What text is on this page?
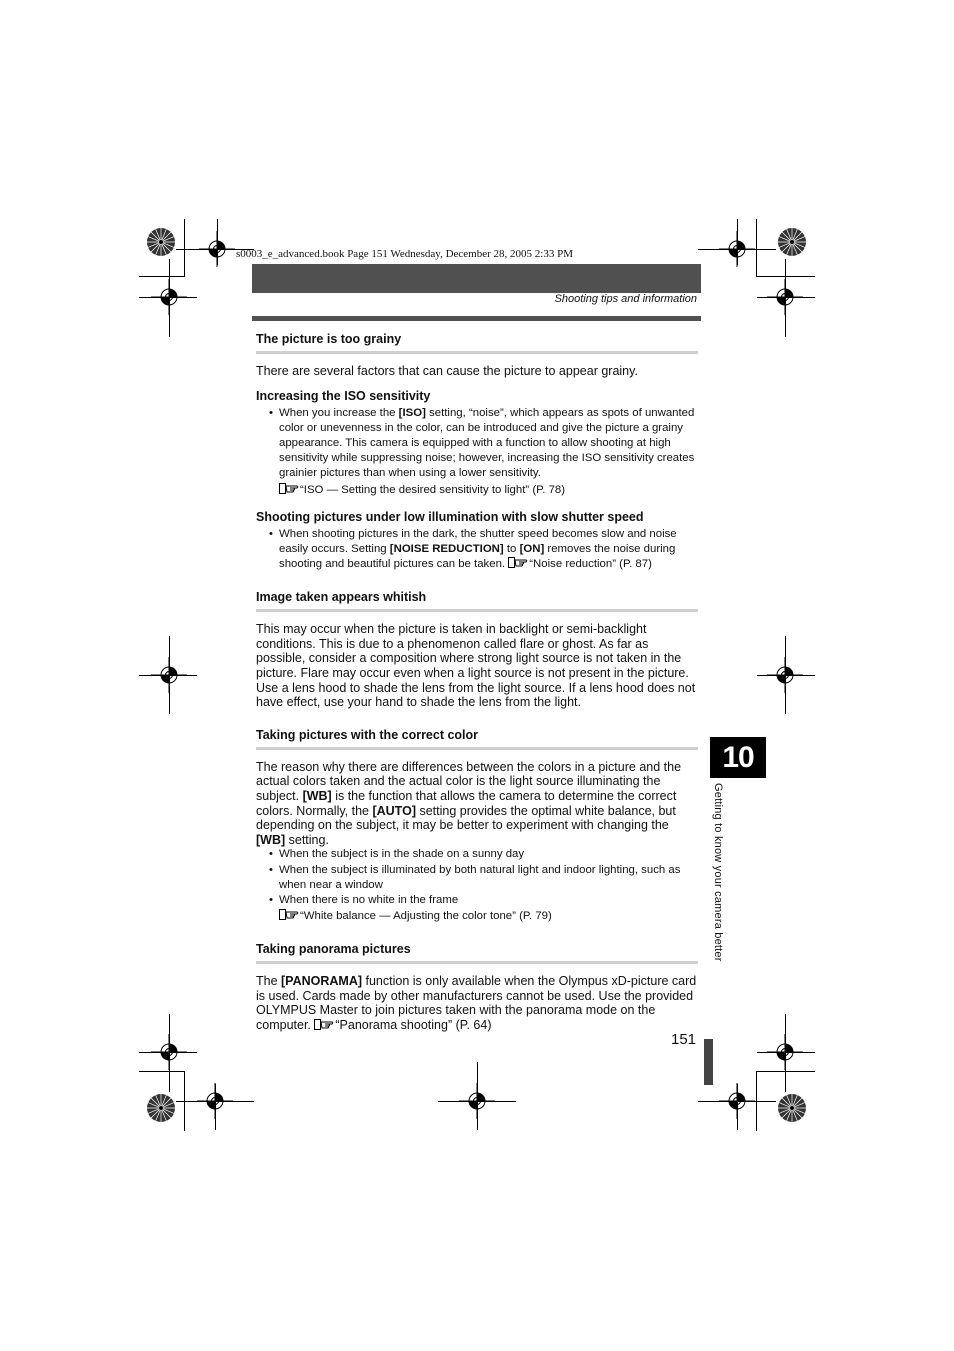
s0003_e_advanced.book Page 151 Wednesday, December 28, 2005 2:33 PM
Shooting tips and information
The picture is too grainy

There are several factors that can cause the picture to appear grainy.

Increasing the ISO sensitivity
• When you increase the [ISO] setting, “noise”, which appears as spots of unwanted color or unevenness in the color, can be introduced and give the picture a grainy appearance. This camera is equipped with a function to allow shooting at high sensitivity while suppressing noise; however, increasing the ISO sensitivity creates grainier pictures than when using a lower sensitivity.
“ISO — Setting the desired sensitivity to light” (P. 78)
Shooting pictures under low illumination with slow shutter speed
• When shooting pictures in the dark, the shutter speed becomes slow and noise easily occurs. Setting [NOISE REDUCTION] to [ON] removes the noise during shooting and beautiful pictures can be taken. “Noise reduction” (P. 87)
Image taken appears whitish

This may occur when the picture is taken in backlight or semi-backlight conditions. This is due to a phenomenon called flare or ghost. As far as possible, consider a composition where strong light source is not taken in the picture. Flare may occur even when a light source is not present in the picture. Use a lens hood to shade the lens from the light source. If a lens hood does not have effect, use your hand to shade the lens from the light.

Taking pictures with the correct color

The reason why there are differences between the colors in a picture and the actual colors taken and the actual color is the light source illuminating the subject. [WB] is the function that allows the camera to determine the correct colors. Normally, the [AUTO] setting provides the optimal white balance, but depending on the subject, it may be better to experiment with changing the [WB] setting.

• When the subject is in the shade on a sunny day
• When the subject is illuminated by both natural light and indoor lighting, such as when near a window
• When there is no white in the frame
“White balance — Adjusting the color tone” (P. 79)
Taking panorama pictures

The [PANORAMA] function is only available when the Olympus xD-picture card is used. Cards made by other manufacturers cannot be used. Use the provided OLYMPUS Master to join pictures taken with the panorama mode on the computer. “Panorama shooting” (P. 64)

10
Getting to know your camera better
151
